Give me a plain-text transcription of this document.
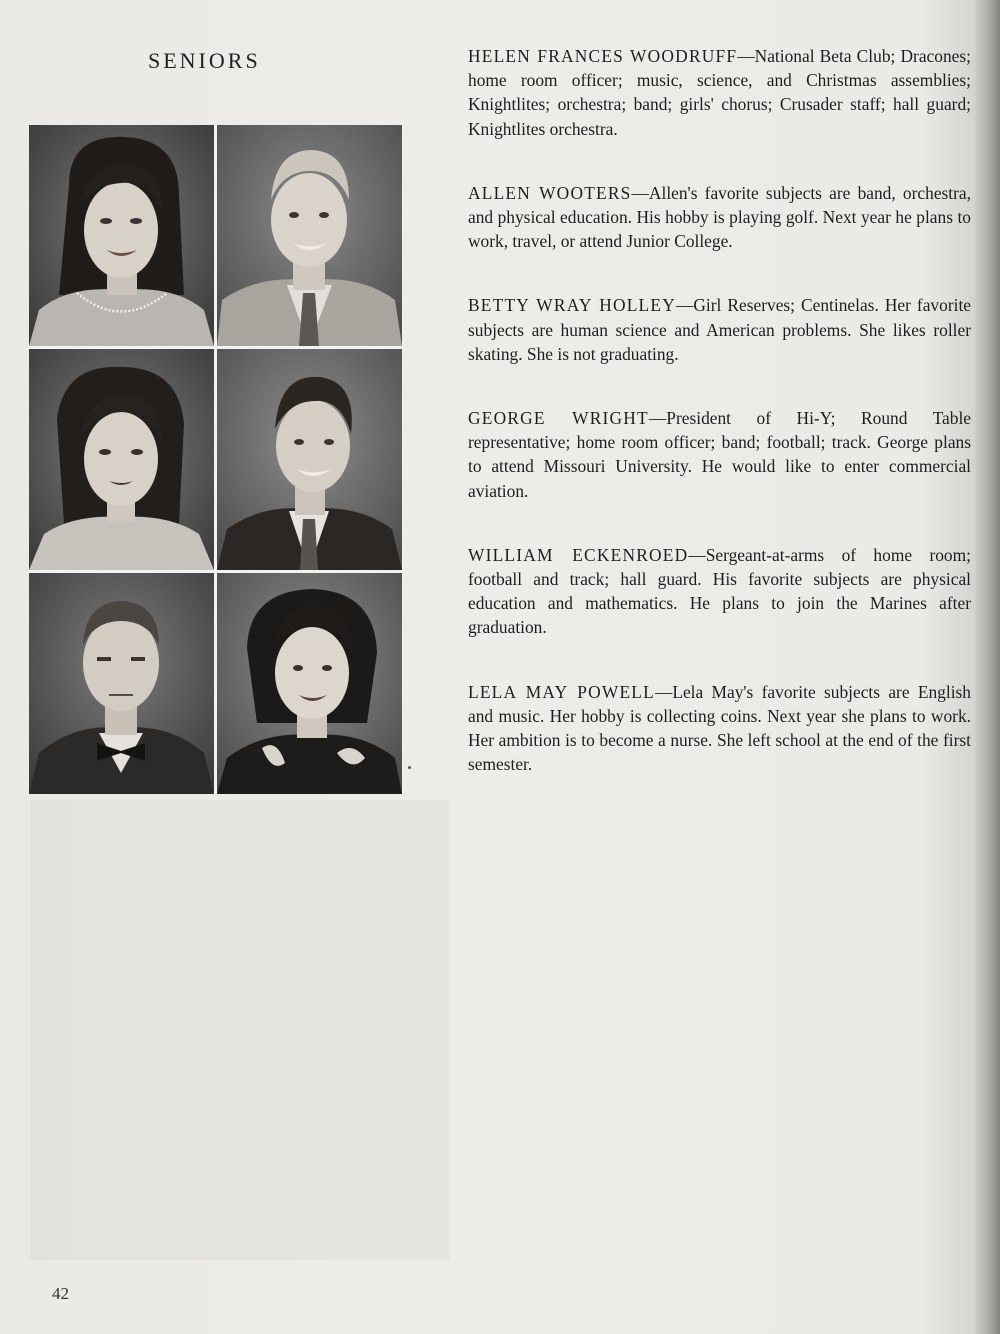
SENIORS	HELEN FRANCES WOODRUFF—National Beta Club; Dracones; home room officer; music, science, and Christmas assemblies; Knightlites; orchestra; band; girls' chorus; Crusader staff; hall guard; Knightlites orchestra.

ALLEN WOOTERS—Allen's favorite subjects are band, orchestra, and physical education. His hobby is playing golf. Next year he plans to work, travel, or attend Junior College.

BETTY WRAY HOLLEY—Girl Reserves; Centinelas. Her favorite subjects are human science and American problems. She likes roller skating. She is not graduating.

GEORGE WRIGHT—President of Hi-Y; Round Table representative; home room officer; band; football; track. George plans to attend Missouri University. He would like to enter commercial aviation.

WILLIAM ECKENROED—Sergeant-at-arms of home room; football and track; hall guard. His favorite subjects are physical education and mathematics. He plans to join the Marines after graduation.

LELA MAY POWELL—Lela May's favorite subjects are English and music. Her hobby is collecting coins. Next year she plans to work. Her ambition is to become a nurse. She left school at the end of the first semester.

42
